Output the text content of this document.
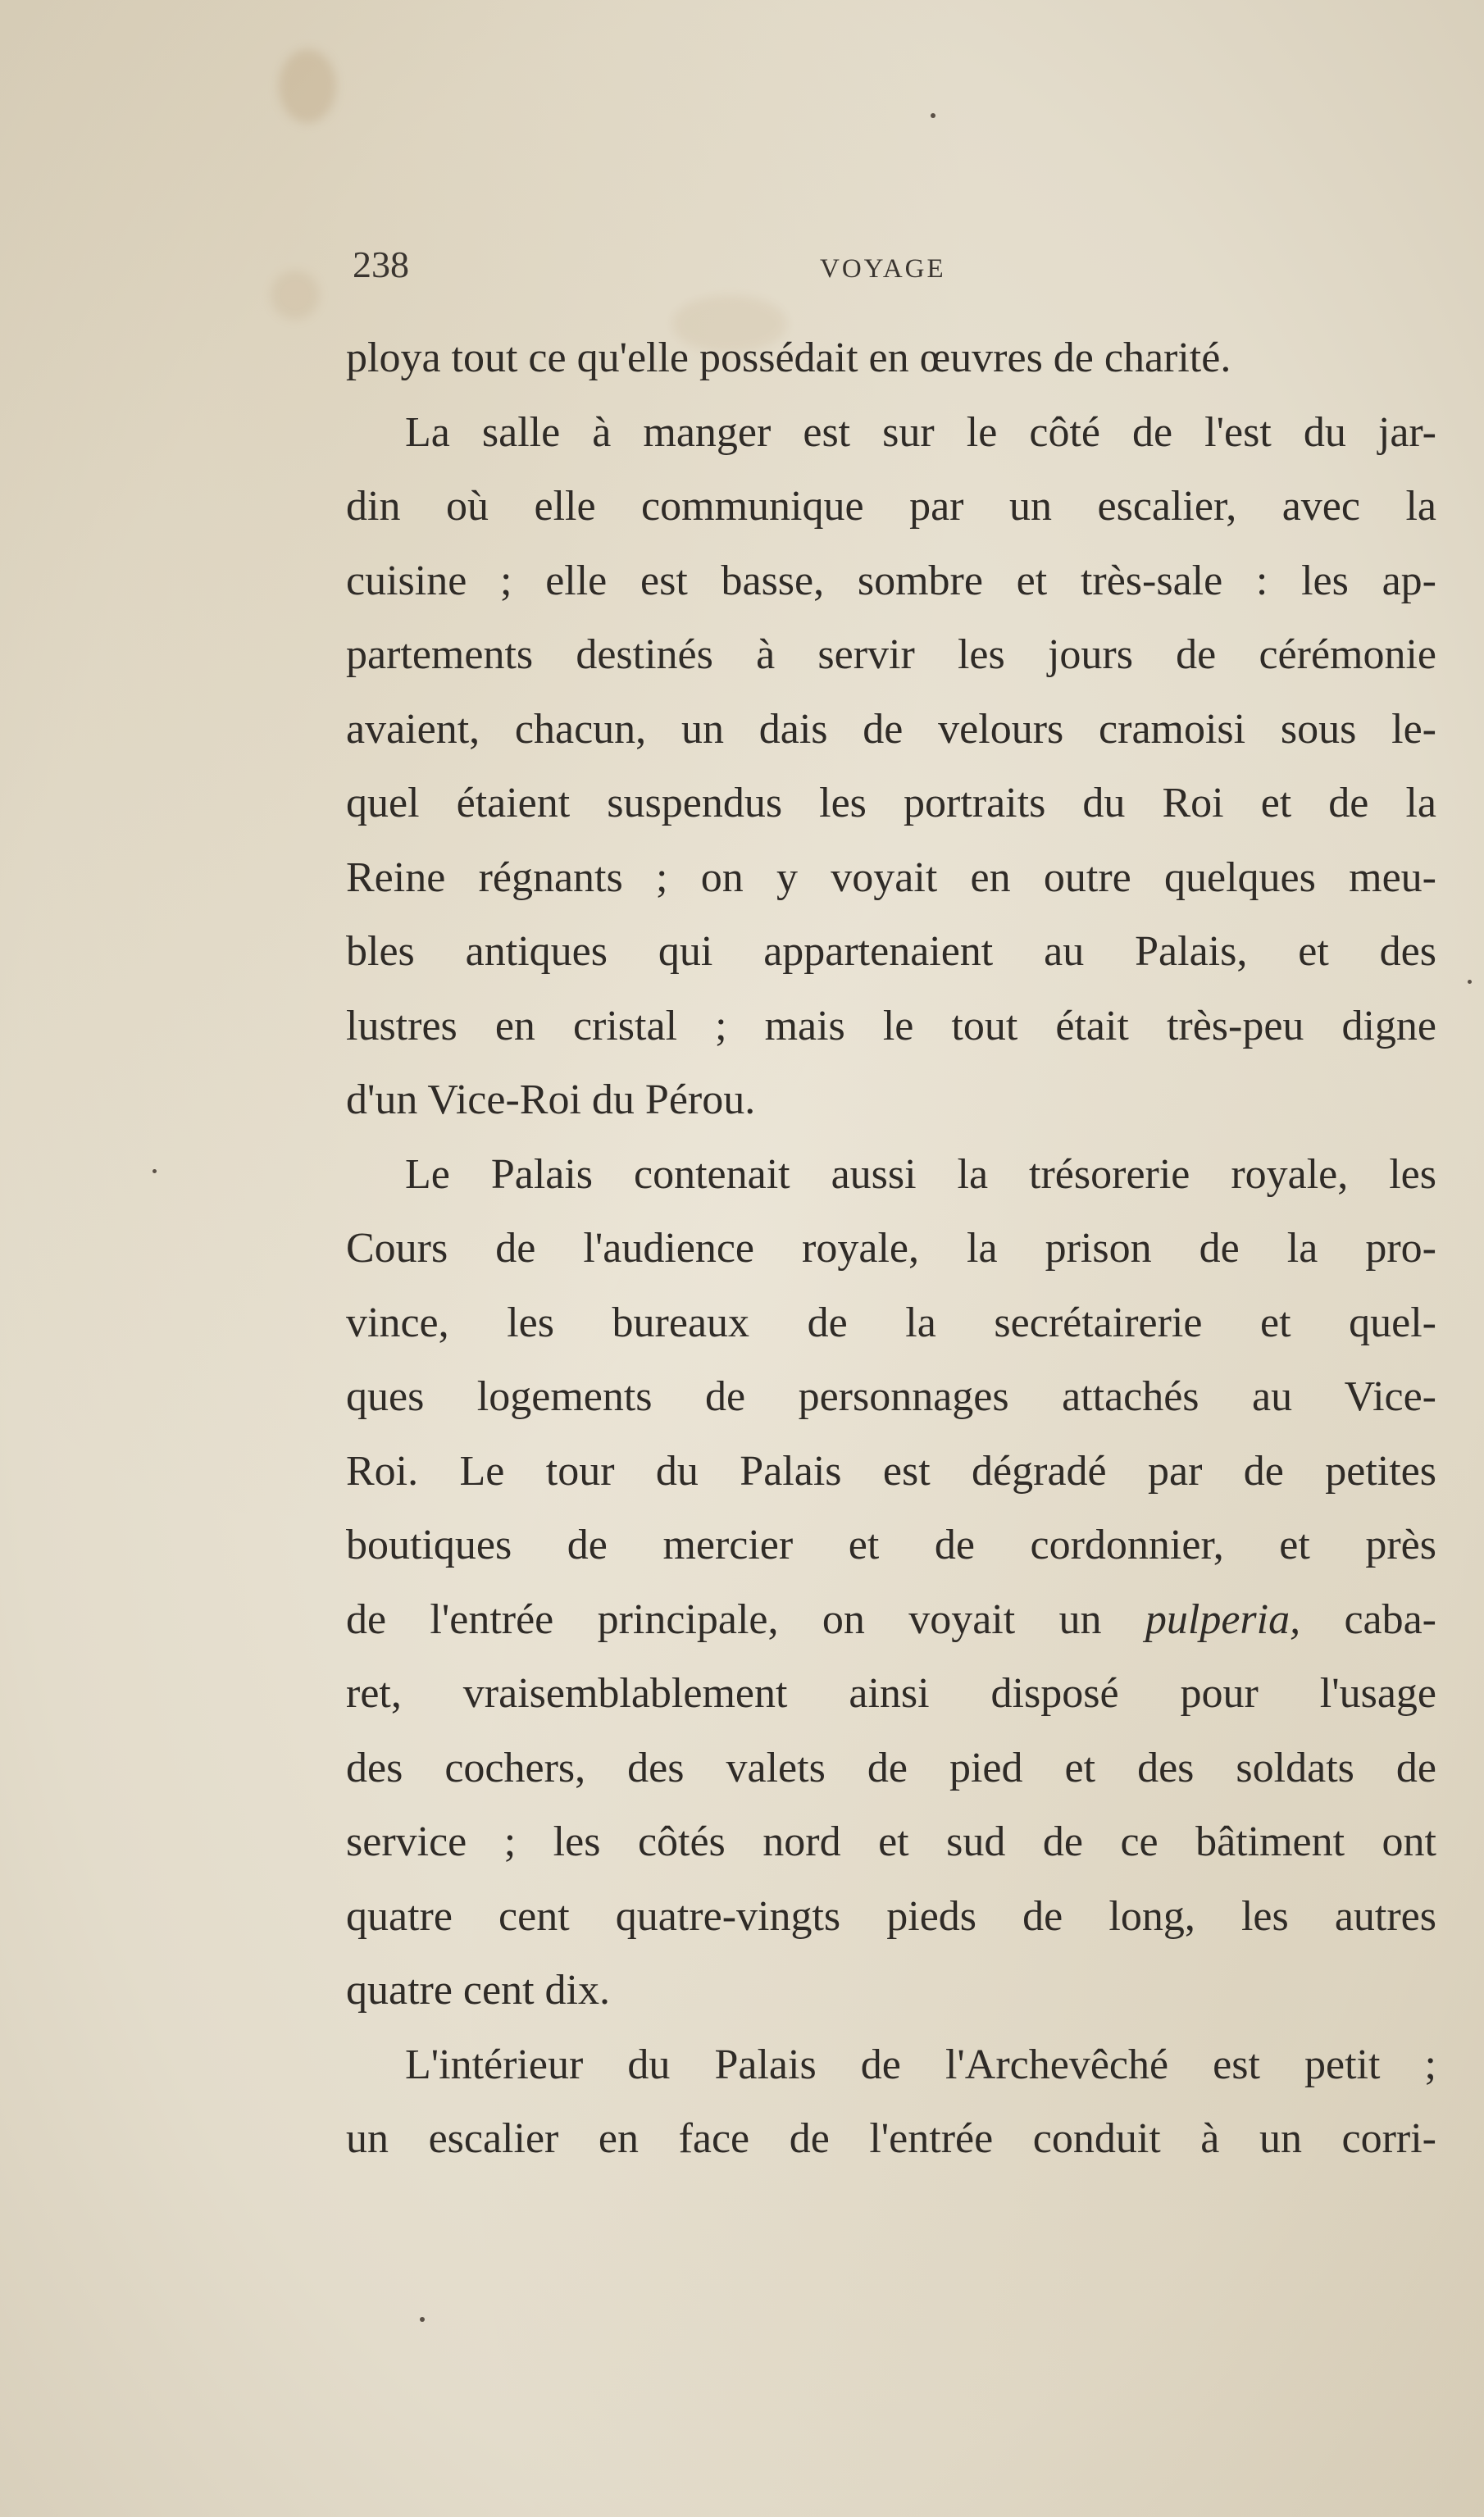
238	VOYAGE
ploya tout ce qu'elle possédait en œuvres de charité.
La salle à manger est sur le côté de l'est du jar-
din où elle communique par un escalier, avec la
cuisine ; elle est basse, sombre et très-sale : les ap-
partements destinés à servir les jours de cérémonie
avaient, chacun, un dais de velours cramoisi sous le-
quel étaient suspendus les portraits du Roi et de la
Reine régnants ; on y voyait en outre quelques meu-
bles antiques qui appartenaient au Palais, et des
lustres en cristal ; mais le tout était très-peu digne
d'un Vice-Roi du Pérou.
Le Palais contenait aussi la trésorerie royale, les
Cours de l'audience royale, la prison de la pro-
vince, les bureaux de la secrétairerie et quel-
ques logements de personnages attachés au Vice-
Roi. Le tour du Palais est dégradé par de petites
boutiques de mercier et de cordonnier, et près
de l'entrée principale, on voyait un pulperia, caba-
ret, vraisemblablement ainsi disposé pour l'usage
des cochers, des valets de pied et des soldats de
service ; les côtés nord et sud de ce bâtiment ont
quatre cent quatre-vingts pieds de long, les autres
quatre cent dix.
L'intérieur du Palais de l'Archevêché est petit ;
un escalier en face de l'entrée conduit à un corri-
